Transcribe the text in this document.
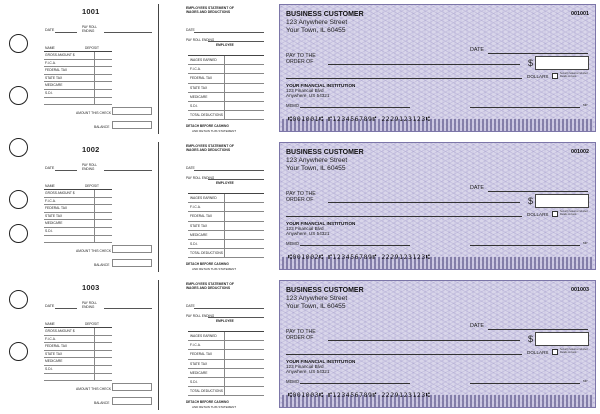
1001
DATE
PAY ROLL ENDING
NAME	DEPOSIT
GROSS AMOUNT $
F.I.C.A.
FEDERAL TAX
STATE TAX
MEDICARE
S.D.I.
AMOUNT THIS CHECK
BALANCE
EMPLOYEES STATEMENT OF WAGES AND DEDUCTIONS
DATE
PAY ROLL ENDING
EMPLOYEE
WAGES EARNED
F.I.C.A.
FEDERAL TAX
STATE TAX
MEDICARE
S.D.I.
TOTAL DEDUCTIONS
DETACH BEFORE CASHING
AND RETAIN THIS STATEMENT
BUSINESS CUSTOMER
123 Anywhere Street
Your Town, IL 60455
001001
DATE
PAY TO THE
ORDER OF	$
DOLLARS
Security features included. Details on back.
YOUR FINANCIAL INSTITUTION
123 Financial Blvd
Anywhere, US 54321
MEMO	MP
⑆001001⑆ ⑈123456789⑈ 2229123123⑆
1002
DATE
PAY ROLL ENDING
NAME	DEPOSIT
GROSS AMOUNT $
F.I.C.A.
FEDERAL TAX
STATE TAX
MEDICARE
S.D.I.
AMOUNT THIS CHECK
BALANCE
EMPLOYEES STATEMENT OF WAGES AND DEDUCTIONS
DATE
PAY ROLL ENDING
EMPLOYEE
WAGES EARNED
F.I.C.A.
FEDERAL TAX
STATE TAX
MEDICARE
S.D.I.
TOTAL DEDUCTIONS
DETACH BEFORE CASHING
AND RETAIN THIS STATEMENT
BUSINESS CUSTOMER
123 Anywhere Street
Your Town, IL 60455
001002
DATE
PAY TO THE
ORDER OF	$
DOLLARS
Security features included. Details on back.
YOUR FINANCIAL INSTITUTION
123 Financial Blvd
Anywhere, US 54321
MEMO	MP
⑆001002⑆ ⑈123456789⑈ 2229123123⑆
1003
DATE
PAY ROLL ENDING
NAME	DEPOSIT
GROSS AMOUNT $
F.I.C.A.
FEDERAL TAX
STATE TAX
MEDICARE
S.D.I.
AMOUNT THIS CHECK
BALANCE
EMPLOYEES STATEMENT OF WAGES AND DEDUCTIONS
DATE
PAY ROLL ENDING
EMPLOYEE
WAGES EARNED
F.I.C.A.
FEDERAL TAX
STATE TAX
MEDICARE
S.D.I.
TOTAL DEDUCTIONS
DETACH BEFORE CASHING
AND RETAIN THIS STATEMENT
BUSINESS CUSTOMER
123 Anywhere Street
Your Town, IL 60455
001003
DATE
PAY TO THE
ORDER OF	$
DOLLARS
Security features included. Details on back.
YOUR FINANCIAL INSTITUTION
123 Financial Blvd
Anywhere, US 54321
MEMO	MP
⑆001003⑆ ⑈123456789⑈ 2229123123⑆
